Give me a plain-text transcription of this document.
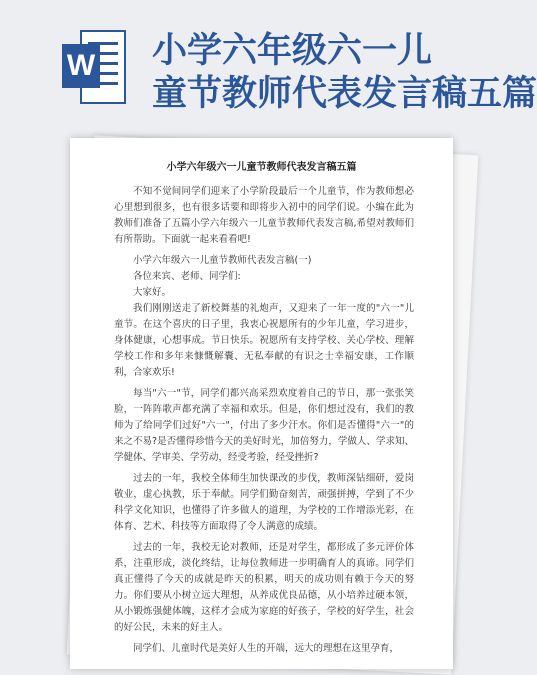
W 小学六年级六一儿
童节教师代表发言稿五篇
小学六年级六一儿童节教师代表发言稿五篇

不知不觉间同学们迎来了小学阶段最后一个儿童节，作为教师想必心里想到很多，也有很多话要和即将步入初中的同学们说。小编在此为教师们准备了五篇小学六年级六一儿童节教师代表发言稿,希望对教师们有所帮助。下面就一起来看看吧!

小学六年级六一儿童节教师代表发言稿(一)

各位来宾、老师、同学们:

大家好。

我们刚刚送走了新校舞基的礼炮声，又迎来了一年一度的"六一"儿童节。在这个喜庆的日子里，我衷心祝愿所有的少年儿童，学习进步，身体健康，心想事成。节日快乐。祝愿所有支持学校、关心学校、理解学校工作和多年来慷慨解囊、无私奉献的有识之士幸福安康，工作顺利，合家欢乐!

每当"六一"节，同学们都兴高采烈欢度着自己的节日，那一张张笑脸，一阵阵歌声都充满了幸福和欢乐。但是，你们想过没有，我们的教师为了给同学们过好"六一"，付出了多少汗水。你们是否懂得"六一"的来之不易?是否懂得珍惜今天的美好时光，加倍努力，学做人、学求知、学健体、学审美、学劳动，经受考验，经受挫折?

过去的一年，我校全体师生加快课改的步伐，教师深钻细研，爱岗敬业，虚心执教，乐于奉献。同学们勤奋刻苦，顽强拼搏，学到了不少科学文化知识，也懂得了许多做人的道理，为学校的工作增添光彩，在体育、艺术、科技等方面取得了令人满意的成绩。

过去的一年，我校无论对教师，还是对学生，都形成了多元评价体系，注重形成，淡化终结，让每位教师进一步明确育人的真谛。同学们真正懂得了今天的成就是昨天的积累，明天的成功则有赖于今天的努力。你们要从小树立远大理想，从养成优良品德，从小培养过硬本领，从小锻炼强健体魄，这样才会成为家庭的好孩子，学校的好学生，社会的好公民，未来的好主人。

同学们、儿童时代是美好人生的开端，远大的理想在这里孕育，
